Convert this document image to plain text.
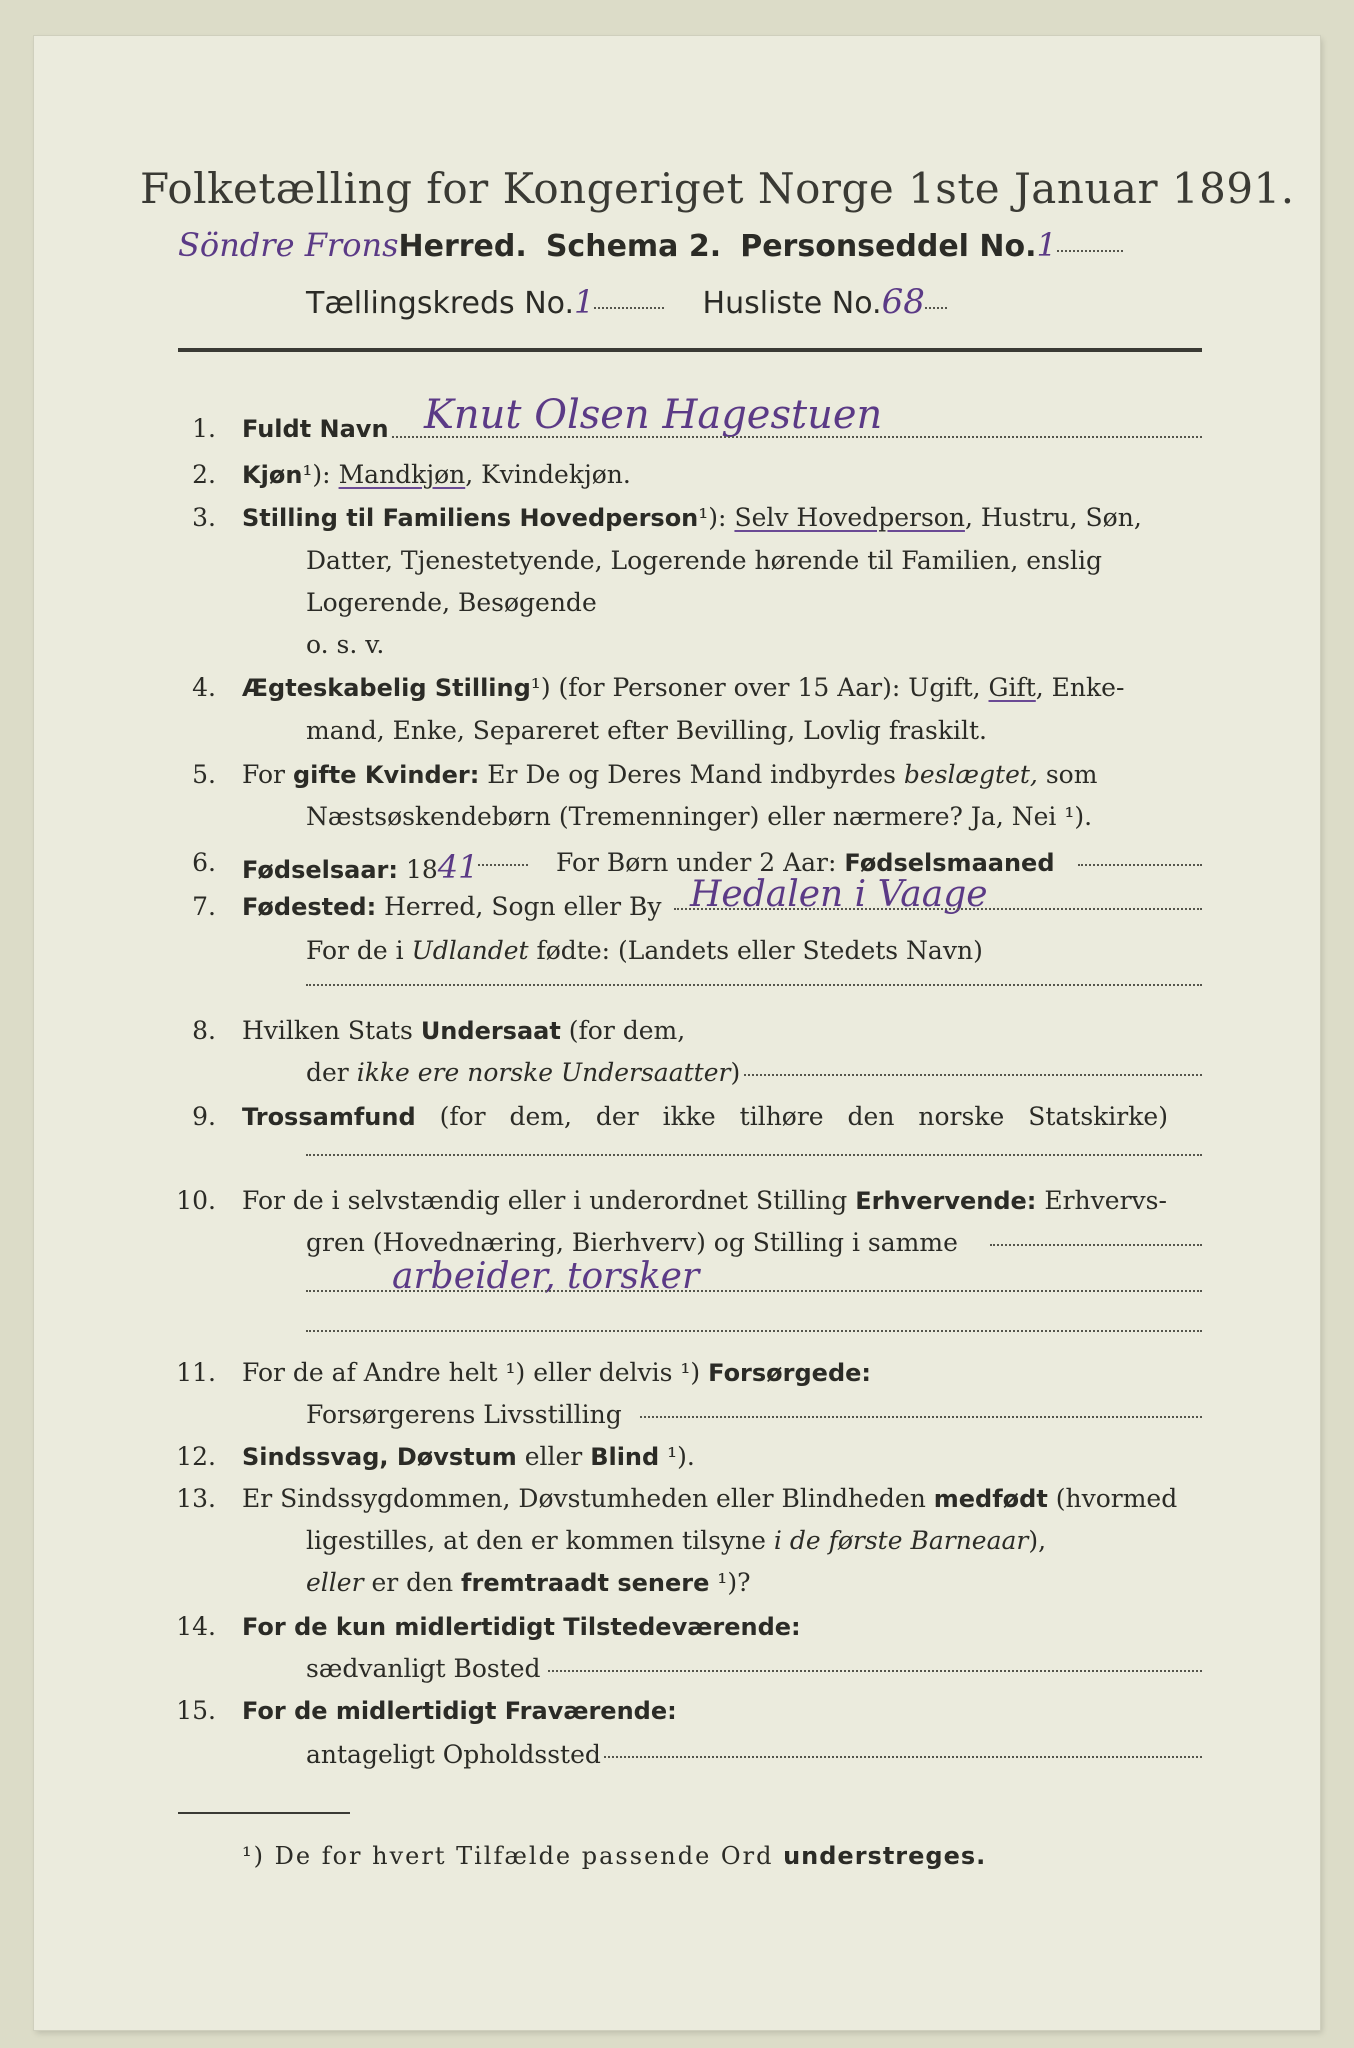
Folketælling for Kongeriget Norge 1ste Januar 1891.
Söndre FronsHerred. Schema 2. Personseddel No.1
Tællingskreds No.1	Husliste No.68
1. Fuldt Navn Knut Olsen Hagestuen
2. Kjøn¹): Mandkjøn, Kvindekjøn.
3. Stilling til Familiens Hovedperson¹): Selv Hovedperson, Hustru, Søn,
Datter, Tjenestetyende, Logerende hørende til Familien, enslig
Logerende, Besøgende
o. s. v.
4. Ægteskabelig Stilling¹) (for Personer over 15 Aar): Ugift, Gift, Enke-
mand, Enke, Separeret efter Bevilling, Lovlig fraskilt.
5. For gifte Kvinder: Er De og Deres Mand indbyrdes beslægtet, som
Næstsøskendebørn (Tremenninger) eller nærmere? Ja, Nei ¹).
6. Fødselsaar: 1841	For Børn under 2 Aar: Fødselsmaaned
7. Fødested: Herred, Sogn eller By Hedalen i Vaage
For de i Udlandet fødte: (Landets eller Stedets Navn)
8. Hvilken Stats Undersaat (for dem,
der ikke ere norske Undersaatter)
9. Trossamfund (for dem, der ikke tilhøre den norske Statskirke)
10. For de i selvstændig eller i underordnet Stilling Erhvervende: Erhvervs-
gren (Hovednæring, Bierhverv) og Stilling i samme
arbeider, torsker
11. For de af Andre helt ¹) eller delvis ¹) Forsørgede:
Forsørgerens Livsstilling
12. Sindssvag, Døvstum eller Blind ¹).
13. Er Sindssygdommen, Døvstumheden eller Blindheden medfødt (hvormed
ligestilles, at den er kommen tilsyne i de første Barneaar),
eller er den fremtraadt senere ¹)?
14. For de kun midlertidigt Tilstedeværende:
sædvanligt Bosted
15. For de midlertidigt Fraværende:
antageligt Opholdssted
¹) De for hvert Tilfælde passende Ord understreges.
